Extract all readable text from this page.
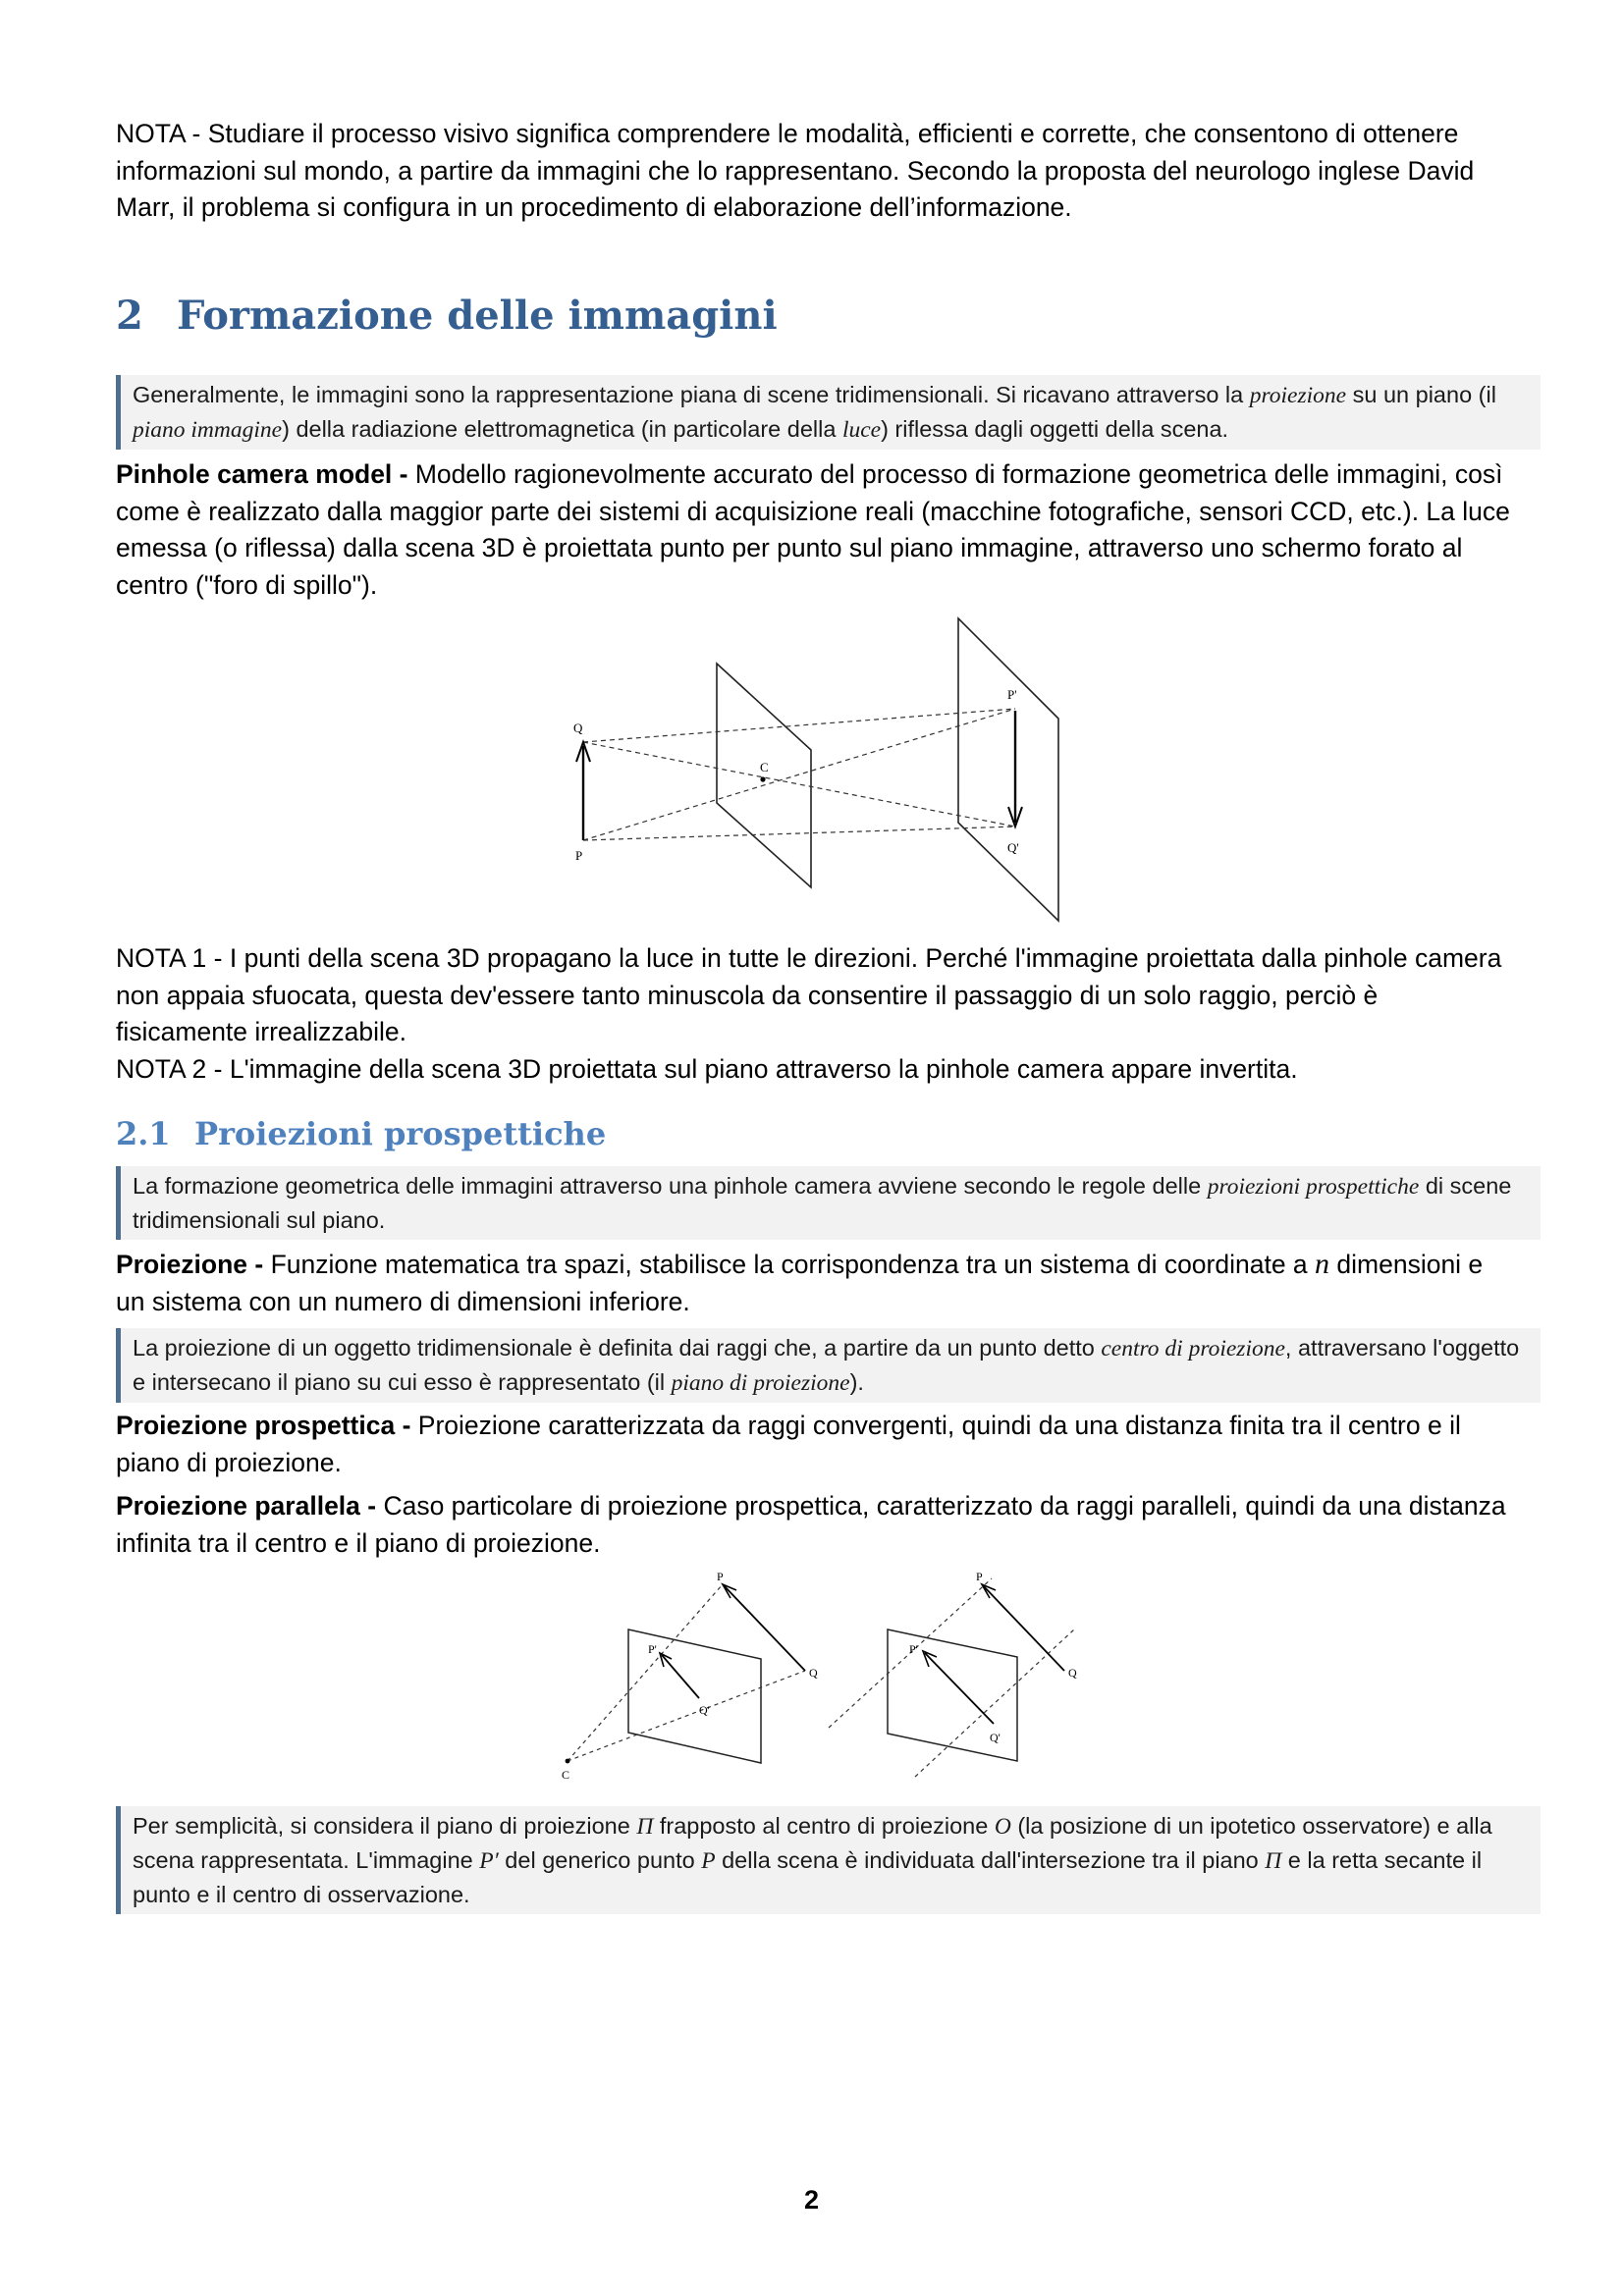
NOTA - Studiare il processo visivo significa comprendere le modalità, efficienti e corrette, che consentono di ottenere informazioni sul mondo, a partire da immagini che lo rappresentano. Secondo la proposta del neurologo inglese David Marr, il problema si configura in un procedimento di elaborazione dell’informazione.

2 Formazione delle immagini
Generalmente, le immagini sono la rappresentazione piana di scene tridimensionali. Si ricavano attraverso la proiezione su un piano (il piano immagine) della radiazione elettromagnetica (in particolare della luce) riflessa dagli oggetti della scena.

Pinhole camera model - Modello ragionevolmente accurato del processo di formazione geometrica delle immagini, così come è realizzato dalla maggior parte dei sistemi di acquisizione reali (macchine fotografiche, sensori CCD, etc.). La luce emessa (o riflessa) dalla scena 3D è proiettata punto per punto sul piano immagine, attraverso uno schermo forato al centro ("foro di spillo").

Q
P
C
P'
Q'

NOTA 1 - I punti della scena 3D propagano la luce in tutte le direzioni. Perché l'immagine proiettata dalla pinhole camera non appaia sfuocata, questa dev'essere tanto minuscola da consentire il passaggio di un solo raggio, perciò è fisicamente irrealizzabile.

NOTA 2 - L'immagine della scena 3D proiettata sul piano attraverso la pinhole camera appare invertita.

2.1 Proiezioni prospettiche
La formazione geometrica delle immagini attraverso una pinhole camera avviene secondo le regole delle proiezioni prospettiche di scene tridimensionali sul piano.

Proiezione - Funzione matematica tra spazi, stabilisce la corrispondenza tra un sistema di coordinate a n dimensioni e un sistema con un numero di dimensioni inferiore.

La proiezione di un oggetto tridimensionale è definita dai raggi che, a partire da un punto detto centro di proiezione, attraversano l'oggetto e intersecano il piano su cui esso è rappresentato (il piano di proiezione).

Proiezione prospettica - Proiezione caratterizzata da raggi convergenti, quindi da una distanza finita tra il centro e il piano di proiezione.

Proiezione parallela - Caso particolare di proiezione prospettica, caratterizzato da raggi paralleli, quindi da una distanza infinita tra il centro e il piano di proiezione.

P
P'
Q
Q'
C
P
P'
Q
Q'
Per semplicità, si considera il piano di proiezione Π frapposto al centro di proiezione O (la posizione di un ipotetico osservatore) e alla scena rappresentata. L'immagine P′ del generico punto P della scena è individuata dall'intersezione tra il piano Π e la retta secante il punto e il centro di osservazione.
2
